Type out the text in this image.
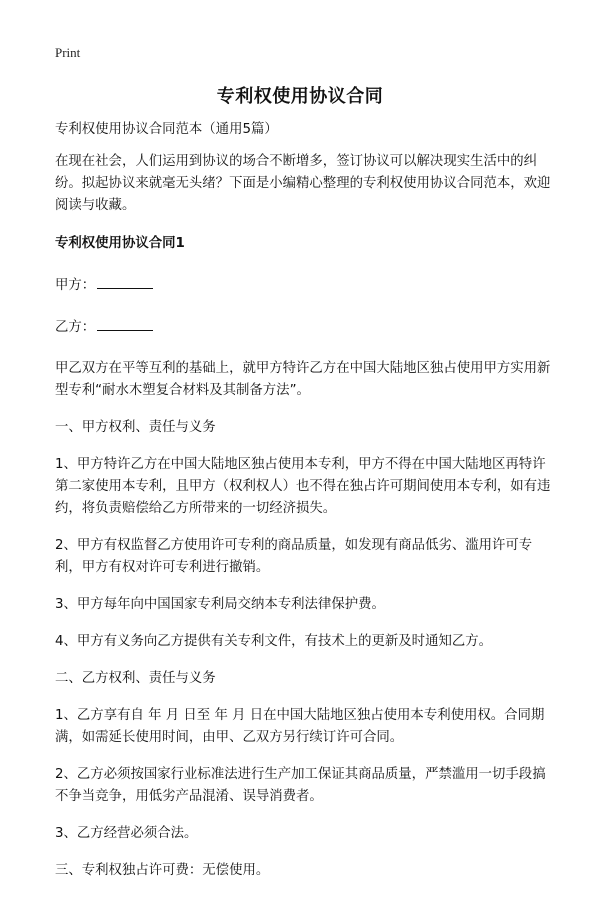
Print
专利权使用协议合同

专利权使用协议合同范本（通用5篇）

在现在社会，人们运用到协议的场合不断增多，签订协议可以解决现实生活中的纠纷。拟起协议来就毫无头绪？下面是小编精心整理的专利权使用协议合同范本，欢迎阅读与收藏。

专利权使用协议合同1

甲方：

乙方：

甲乙双方在平等互利的基础上，就甲方特许乙方在中国大陆地区独占使用甲方实用新型专利“耐水木塑复合材料及其制备方法”。

一、甲方权利、责任与义务

1、甲方特许乙方在中国大陆地区独占使用本专利，甲方不得在中国大陆地区再特许第二家使用本专利，且甲方（权利权人）也不得在独占许可期间使用本专利，如有违约，将负责赔偿给乙方所带来的一切经济损失。

2、甲方有权监督乙方使用许可专利的商品质量，如发现有商品低劣、滥用许可专利，甲方有权对许可专利进行撤销。

3、甲方每年向中国国家专利局交纳本专利法律保护费。

4、甲方有义务向乙方提供有关专利文件，有技术上的更新及时通知乙方。

二、乙方权利、责任与义务

1、乙方享有自 年 月 日至 年 月 日在中国大陆地区独占使用本专利使用权。合同期满，如需延长使用时间，由甲、乙双方另行续订许可合同。

2、乙方必须按国家行业标准法进行生产加工保证其商品质量，严禁滥用一切手段搞不争当竞争，用低劣产品混淆、误导消费者。

3、乙方经营必须合法。

三、专利权独占许可费：无偿使用。
